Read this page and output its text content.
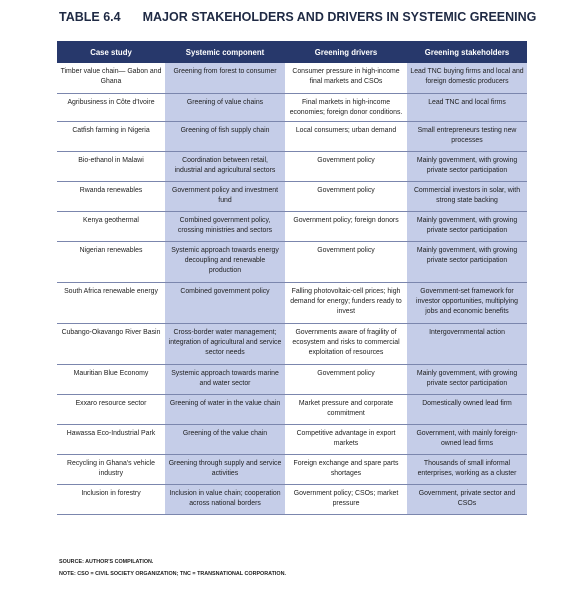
TABLE 6.4 MAJOR STAKEHOLDERS AND DRIVERS IN SYSTEMIC GREENING
Case study	Systemic component	Greening drivers	Greening stakeholders
Timber value chain— Gabon and Ghana	Greening from forest to consumer	Consumer pressure in high-income final markets and CSOs	Lead TNC buying firms and local and foreign domestic producers
Agribusiness in Côte d'Ivoire	Greening of value chains	Final markets in high-income economies; foreign donor conditions.	Lead TNC and local firms
Catfish farming in Nigeria	Greening of fish supply chain	Local consumers; urban demand	Small entrepreneurs testing new processes
Bio-ethanol in Malawi	Coordination between retail, industrial and agricultural sectors	Government policy	Mainly government, with growing private sector participation
Rwanda renewables	Government policy and investment fund	Government policy	Commercial investors in solar, with strong state backing
Kenya geothermal	Combined government policy, crossing ministries and sectors	Government policy; foreign donors	Mainly government, with growing private sector participation
Nigerian renewables	Systemic approach towards energy decoupling and renewable production	Government policy	Mainly government, with growing private sector participation
South Africa renewable energy	Combined government policy	Falling photovoltaic-cell prices; high demand for energy; funders ready to invest	Government-set framework for investor opportunities, multiplying jobs and economic benefits
Cubango-Okavango River Basin	Cross-border water management; integration of agricultural and service sector needs	Governments aware of fragility of ecosystem and risks to commercial exploitation of resources	Intergovernmental action
Mauritian Blue Economy	Systemic approach towards marine and water sector	Government policy	Mainly government, with growing private sector participation
Exxaro resource sector	Greening of water in the value chain	Market pressure and corporate commitment	Domestically owned lead firm
Hawassa Eco-Industrial Park	Greening of the value chain	Competitive advantage in export markets	Government, with mainly foreign-owned lead firms
Recycling in Ghana's vehicle industry	Greening through supply and service activities	Foreign exchange and spare parts shortages	Thousands of small informal enterprises, working as a cluster
Inclusion in forestry	Inclusion in value chain; cooperation across national borders	Government policy; CSOs; market pressure	Government, private sector and CSOs
SOURCE: AUTHOR'S COMPILATION.
NOTE: CSO = CIVIL SOCIETY ORGANIZATION; TNC = TRANSNATIONAL CORPORATION.
